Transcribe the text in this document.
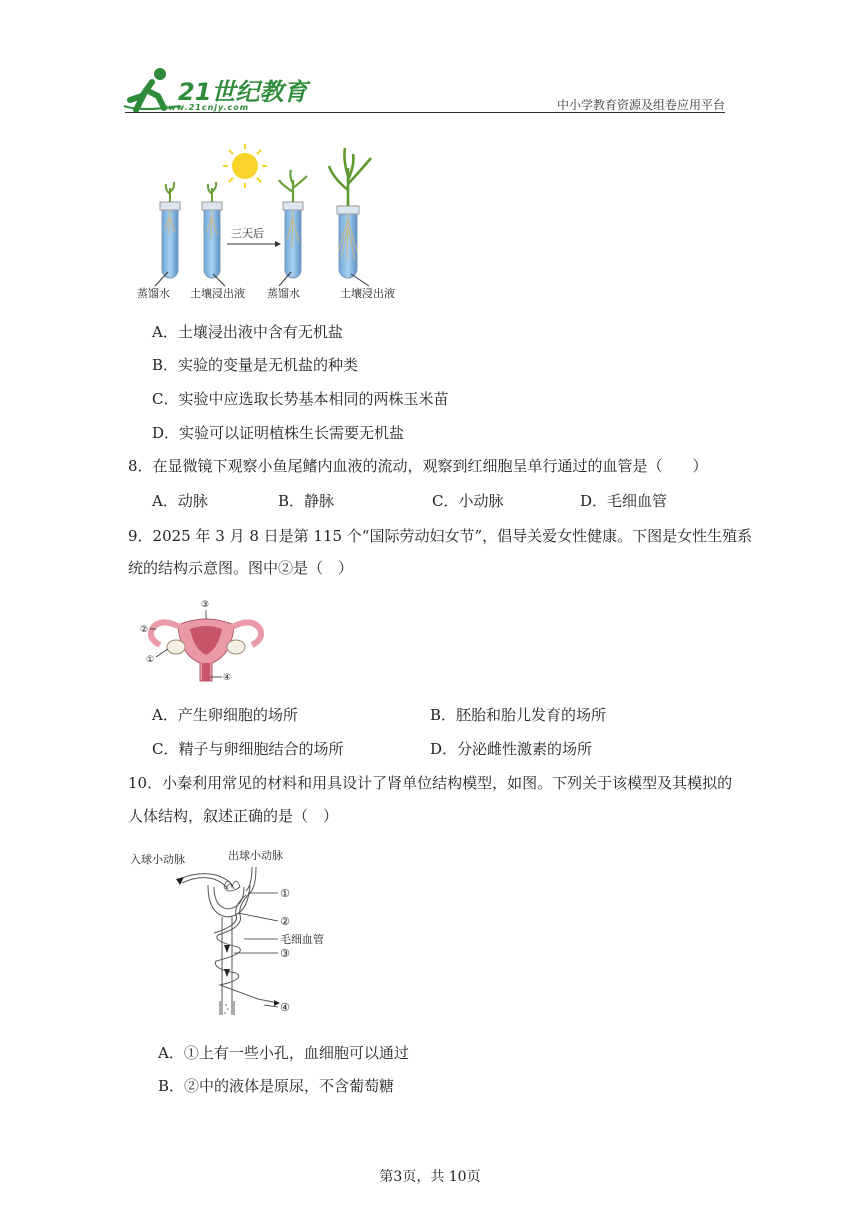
21世纪教育
www.21cnjy.com	中小学教育资源及组卷应用平台
三天后
蒸馏水 土壤浸出液 蒸馏水	土壤浸出液
A．土壤浸出液中含有无机盐
B．实验的变量是无机盐的种类
C．实验中应选取长势基本相同的两株玉米苗
D．实验可以证明植株生长需要无机盐
8．在显微镜下观察小鱼尾鳍内血液的流动，观察到红细胞呈单行通过的血管是（　　）
A．动脉	B．静脉	C．小动脉	D．毛细血管
9．2025 年 3 月 8 日是第 115 个“国际劳动妇女节”，倡导关爱女性健康。下图是女性生殖系
统的结构示意图。图中②是（　）
③
②
①
④
A．产生卵细胞的场所	B．胚胎和胎儿发育的场所
C．精子与卵细胞结合的场所	D．分泌雌性激素的场所
10．小秦利用常见的材料和用具设计了肾单位结构模型，如图。下列关于该模型及其模拟的
人体结构，叙述正确的是（　）
入球小动脉	出球小动脉
①
②
毛细血管
③
④
A．①上有一些小孔，血细胞可以通过
B．②中的液体是原尿，不含葡萄糖
第3页，共 10页
